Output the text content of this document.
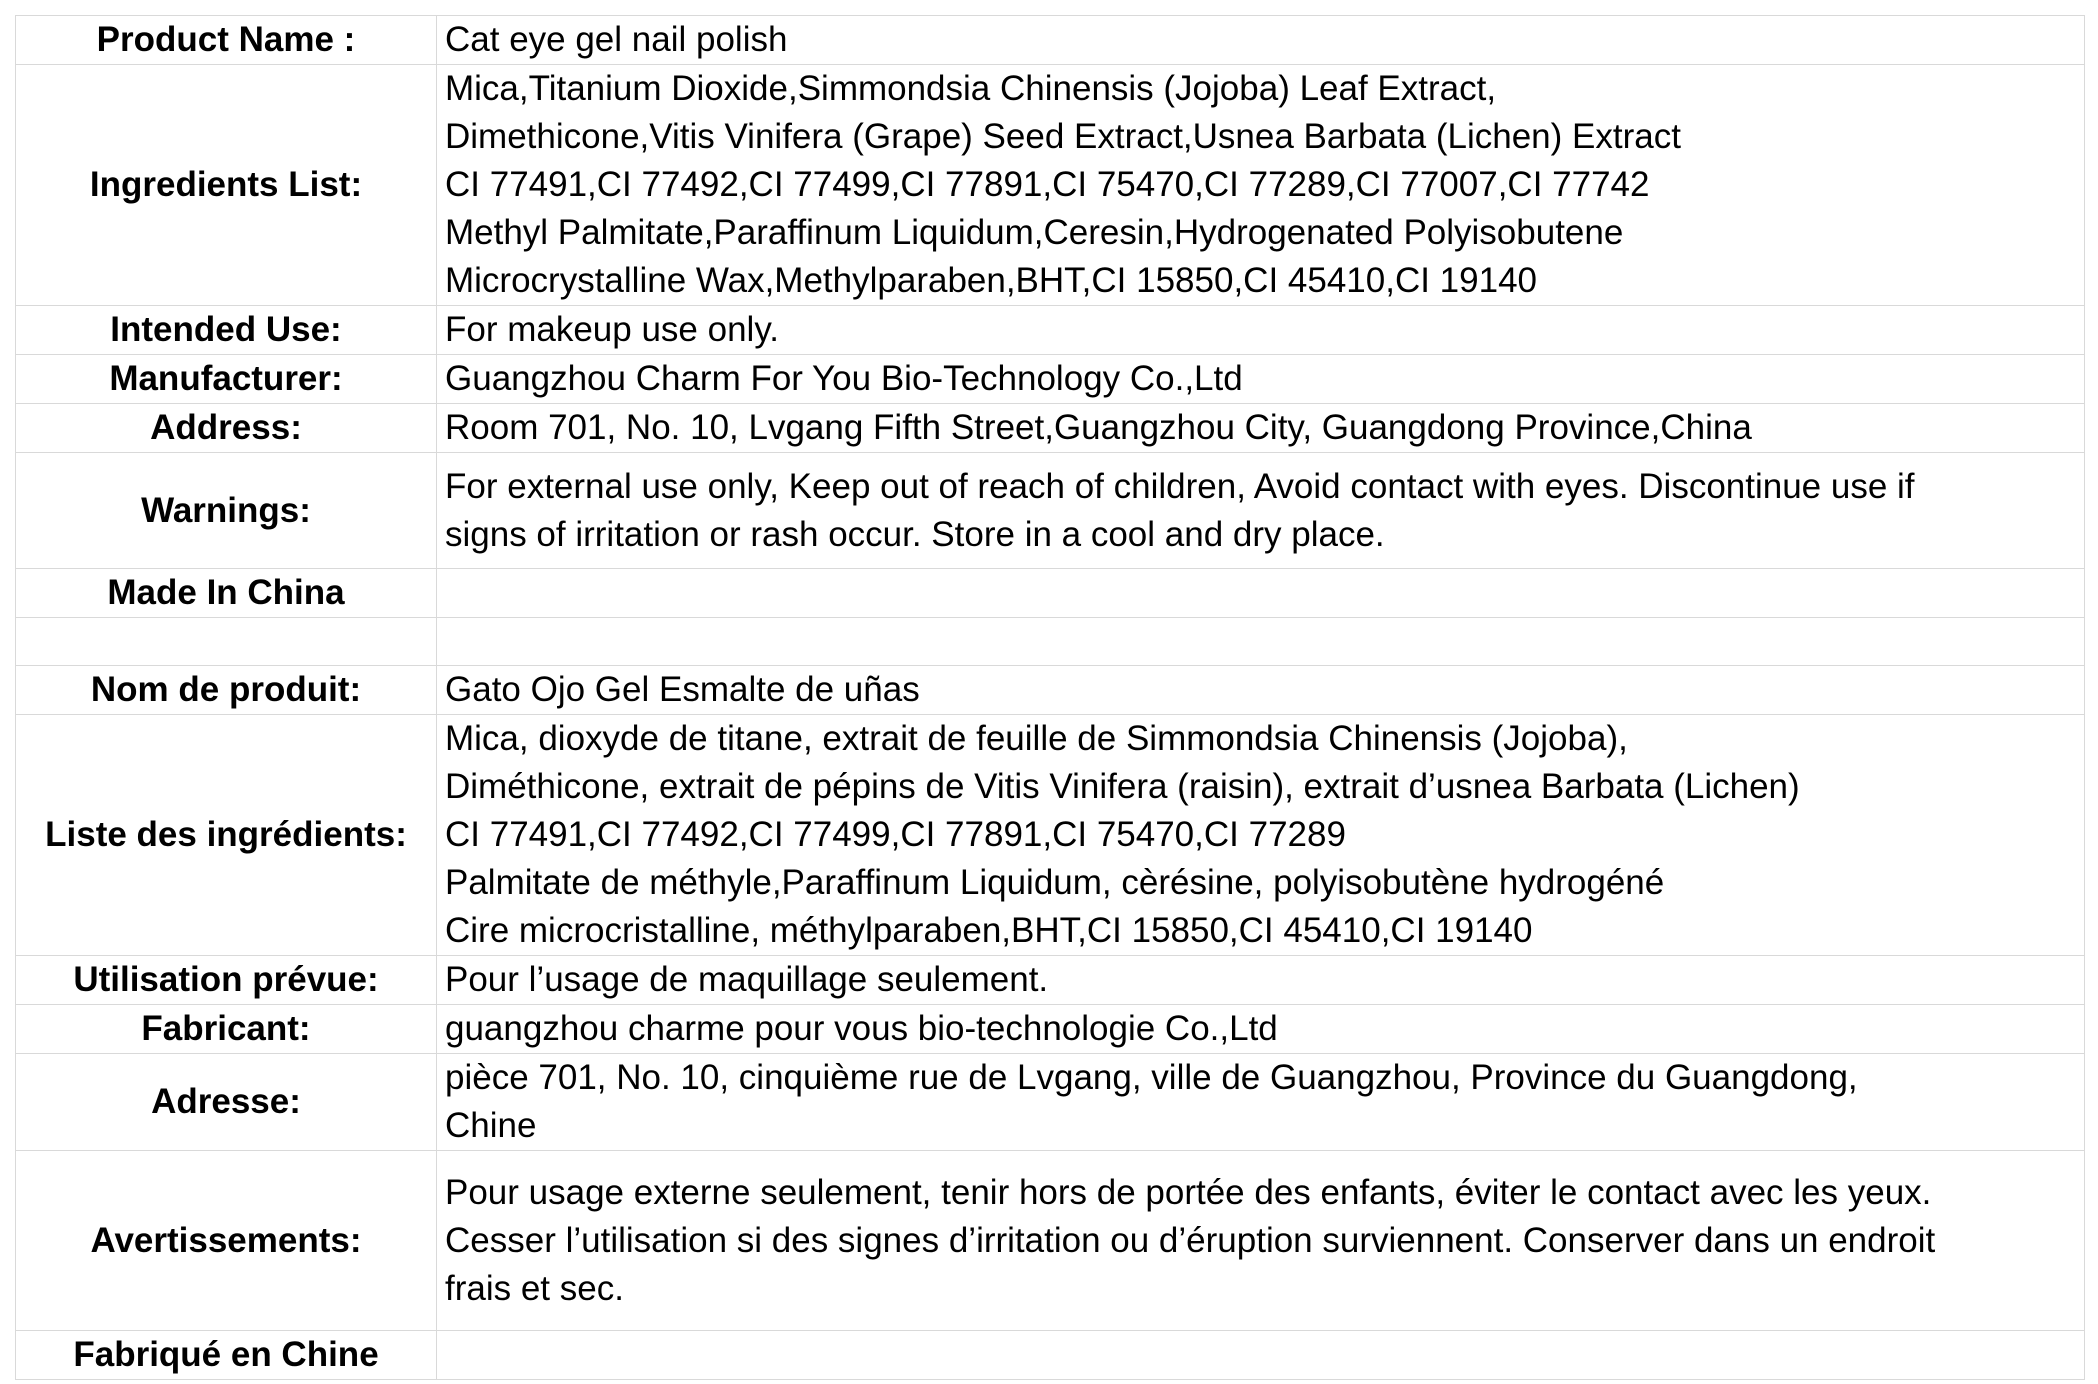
Product Name :	Cat eye gel nail polish
Ingredients List:	Mica,Titanium Dioxide,Simmondsia Chinensis (Jojoba) Leaf Extract,
Dimethicone,Vitis Vinifera (Grape) Seed Extract,Usnea Barbata (Lichen) Extract
CI 77491,CI 77492,CI 77499,CI 77891,CI 75470,CI 77289,CI 77007,CI 77742
Methyl Palmitate,Paraffinum Liquidum,Ceresin,Hydrogenated Polyisobutene
Microcrystalline Wax,Methylparaben,BHT,CI 15850,CI 45410,CI 19140

Intended Use:	For makeup use only.
Manufacturer:	Guangzhou Charm For You Bio-Technology Co.,Ltd
Address:	Room 701, No. 10, Lvgang Fifth Street,Guangzhou City, Guangdong Province,China
Warnings:	For external use only, Keep out of reach of children, Avoid contact with eyes. Discontinue use if
signs of irritation or rash occur. Store in a cool and dry place.

Made In China	

Nom de produit:	Gato Ojo Gel Esmalte de uñas
Liste des ingrédients:	Mica, dioxyde de titane, extrait de feuille de Simmondsia Chinensis (Jojoba),
Diméthicone, extrait de pépins de Vitis Vinifera (raisin), extrait d’usnea Barbata (Lichen)
CI 77491,CI 77492,CI 77499,CI 77891,CI 75470,CI 77289
Palmitate de méthyle,Paraffinum Liquidum, cèrésine, polyisobutène hydrogéné
Cire microcristalline, méthylparaben,BHT,CI 15850,CI 45410,CI 19140

Utilisation prévue:	Pour l’usage de maquillage seulement.
Fabricant:	guangzhou charme pour vous bio-technologie Co.,Ltd
Adresse:	pièce 701, No. 10, cinquième rue de Lvgang, ville de Guangzhou, Province du Guangdong,
Chine

Avertissements:	Pour usage externe seulement, tenir hors de portée des enfants, éviter le contact avec les yeux.
Cesser l’utilisation si des signes d’irritation ou d’éruption surviennent. Conserver dans un endroit
frais et sec.

Fabriqué en Chine	
